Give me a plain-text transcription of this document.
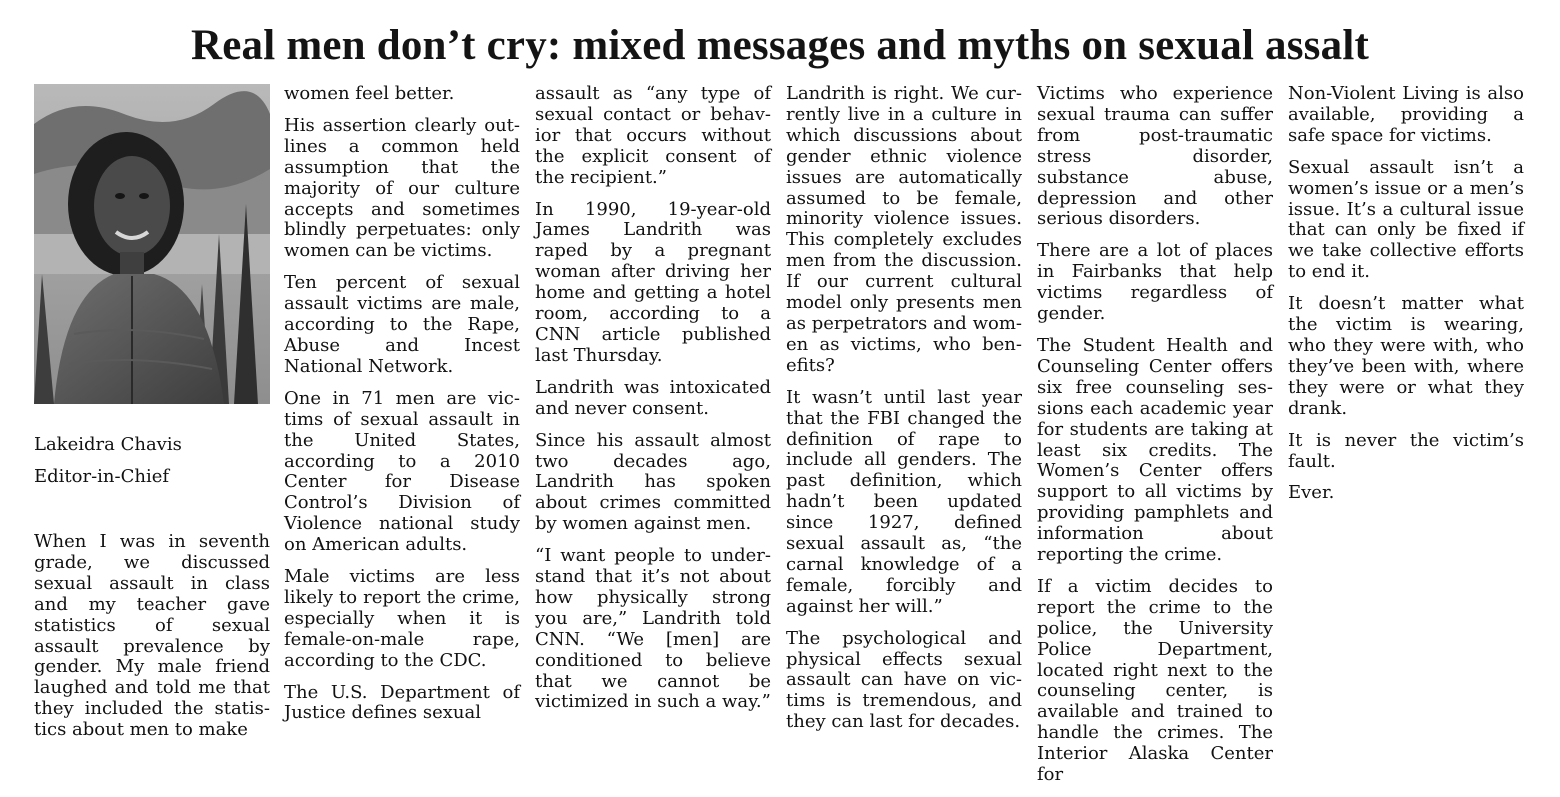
Real men don’t cry: mixed messages and myths on sexual assalt
Lakeidra Chavis
Editor-in-Chief

When I was in seventh grade, we discussed sexual assault in class and my teacher gave statistics of sexual assault prevalence by gender. My male friend laughed and told me that they included the statistics about men to make

women feel better.

His assertion clearly outlines a common held assumption that the majority of our culture accepts and sometimes blindly perpetuates: only women can be victims.

Ten percent of sexual assault victims are male, according to the Rape, Abuse and Incest National Network.

One in 71 men are victims of sexual assault in the United States, according to a 2010 Center for Disease Control’s Division of Violence national study on American adults.

Male victims are less likely to report the crime, especially when it is female-on-male rape, according to the CDC.

The U.S. Department of Justice defines sexual

assault as “any type of sexual contact or behavior that occurs without the explicit consent of the recipient.”

In 1990, 19-year-old James Landrith was raped by a pregnant woman after driving her home and getting a hotel room, according to a CNN article published last Thursday.

Landrith was intoxicated and never consent.

Since his assault almost two decades ago, Landrith has spoken about crimes committed by women against men.

“I want people to understand that it’s not about how physically strong you are,” Landrith told CNN. “We [men] are conditioned to believe that we cannot be victimized in such a way.”

Landrith is right. We currently live in a culture in which discussions about gender ethnic violence issues are automatically assumed to be female, minority violence issues. This completely excludes men from the discussion. If our current cultural model only presents men as perpetrators and women as victims, who benefits?

It wasn’t until last year that the FBI changed the definition of rape to include all genders. The past definition, which hadn’t been updated since 1927, defined sexual assault as, “the carnal knowledge of a female, forcibly and against her will.”

The psychological and physical effects sexual assault can have on victims is tremendous, and they can last for decades.

Victims who experience sexual trauma can suffer from post-traumatic stress disorder, substance abuse, depression and other serious disorders.

There are a lot of places in Fairbanks that help victims regardless of gender.

The Student Health and Counseling Center offers six free counseling sessions each academic year for students are taking at least six credits. The Women’s Center offers support to all victims by providing pamphlets and information about reporting the crime.

If a victim decides to report the crime to the police, the University Police Department, located right next to the counseling center, is available and trained to handle the crimes. The Interior Alaska Center for

Non-Violent Living is also available, providing a safe space for victims.

Sexual assault isn’t a women’s issue or a men’s issue. It’s a cultural issue that can only be fixed if we take collective efforts to end it.

It doesn’t matter what the victim is wearing, who they were with, who they’ve been with, where they were or what they drank.

It is never the victim’s fault.

Ever.
